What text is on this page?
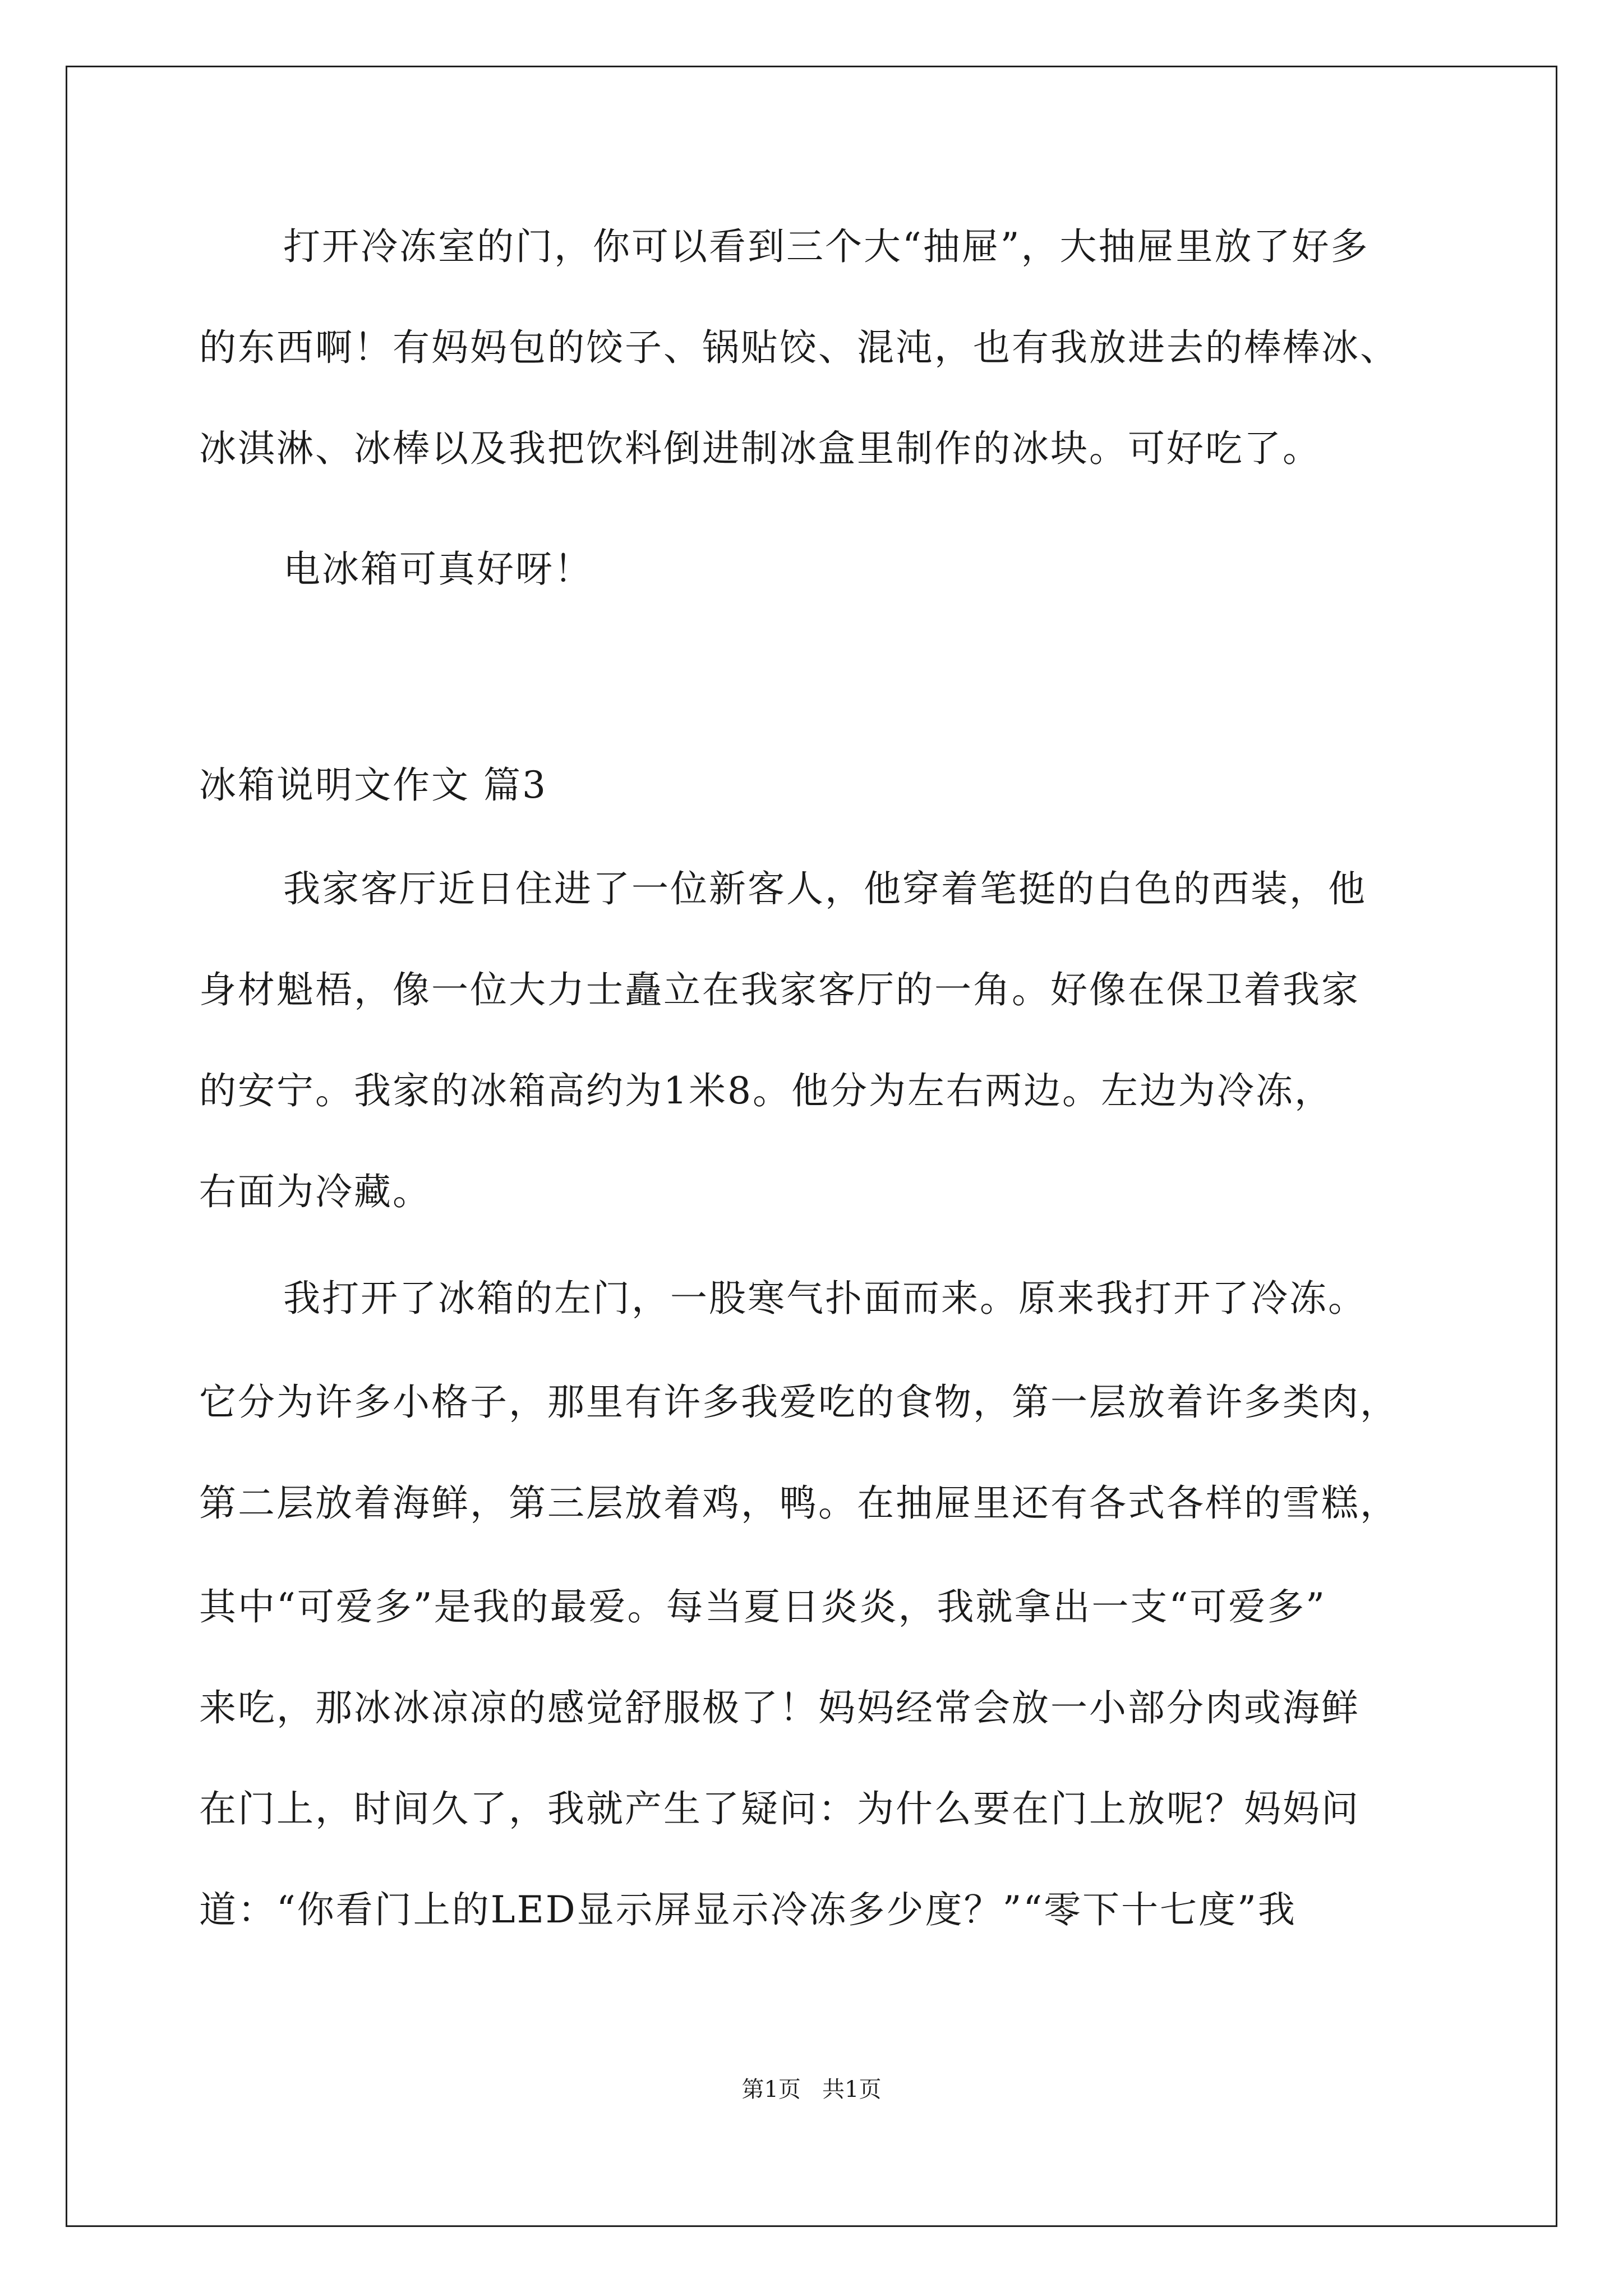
打开冷冻室的门，你可以看到三个大“抽屉”，大抽屉里放了好多
的东西啊！有妈妈包的饺子、锅贴饺、混沌，也有我放进去的棒棒冰、
冰淇淋、冰棒以及我把饮料倒进制冰盒里制作的冰块。可好吃了。
电冰箱可真好呀！
冰箱说明文作文 篇3
我家客厅近日住进了一位新客人，他穿着笔挺的白色的西装，他
身材魁梧，像一位大力士矗立在我家客厅的一角。好像在保卫着我家
的安宁。我家的冰箱高约为1米8。他分为左右两边。左边为冷冻，
右面为冷藏。
我打开了冰箱的左门，一股寒气扑面而来。原来我打开了冷冻。
它分为许多小格子，那里有许多我爱吃的食物，第一层放着许多类肉，
第二层放着海鲜，第三层放着鸡，鸭。在抽屉里还有各式各样的雪糕，
其中“可爱多”是我的最爱。每当夏日炎炎，我就拿出一支“可爱多”
来吃，那冰冰凉凉的感觉舒服极了！妈妈经常会放一小部分肉或海鲜
在门上，时间久了，我就产生了疑问：为什么要在门上放呢？妈妈问
道：“你看门上的LED显示屏显示冷冻多少度？”“零下十七度”我
第1页   共1页
